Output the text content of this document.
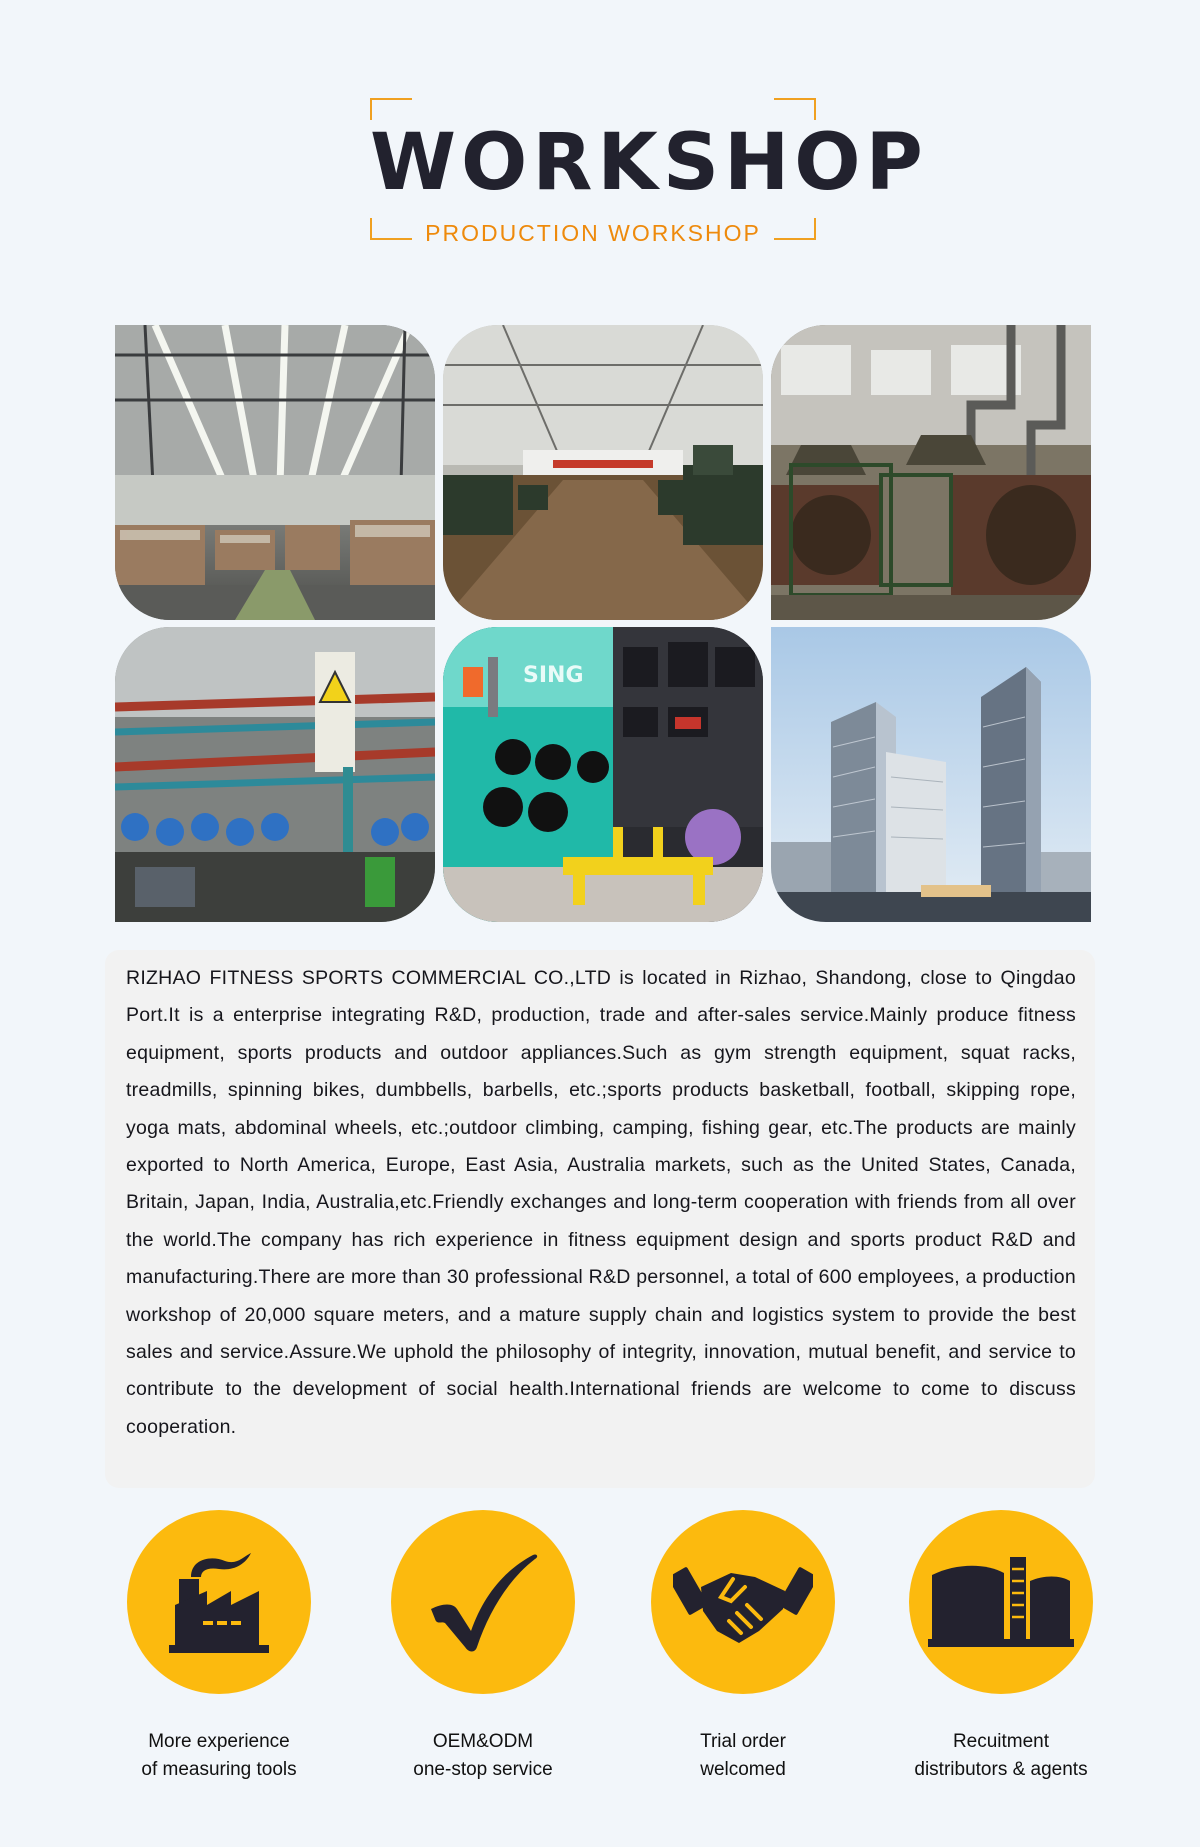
WORKSHOP
PRODUCTION WORKSHOP
SING

RIZHAO FITNESS SPORTS COMMERCIAL CO.,LTD is located in Rizhao, Shandong, close to Qingdao Port.It is a enterprise integrating R&D, production, trade and after-sales service.Mainly produce fitness equipment, sports products and outdoor appliances.Such as gym strength equipment, squat racks, treadmills, spinning bikes, dumbbells, barbells, etc.;sports products basketball, football, skipping rope, yoga mats, abdominal wheels, etc.;outdoor climbing, camping, fishing gear, etc.The products are mainly exported to North America, Europe, East Asia, Australia markets, such as the United States, Canada, Britain, Japan, India, Australia,etc.Friendly exchanges and long-term cooperation with friends from all over the world.The company has rich experience in fitness equipment design and sports product R&D and manufacturing.There are more than 30 professional R&D personnel, a total of 600 employees, a production workshop of 20,000 square meters, and a mature supply chain and logistics system to provide the best sales and service.Assure.We uphold the philosophy of integrity, innovation, mutual benefit, and service to contribute to the development of social health.International friends are welcome to come to discuss cooperation.

More experience
of measuring tools
OEM&ODM
one-stop service
Trial order
welcomed
Recuitment
distributors & agents
